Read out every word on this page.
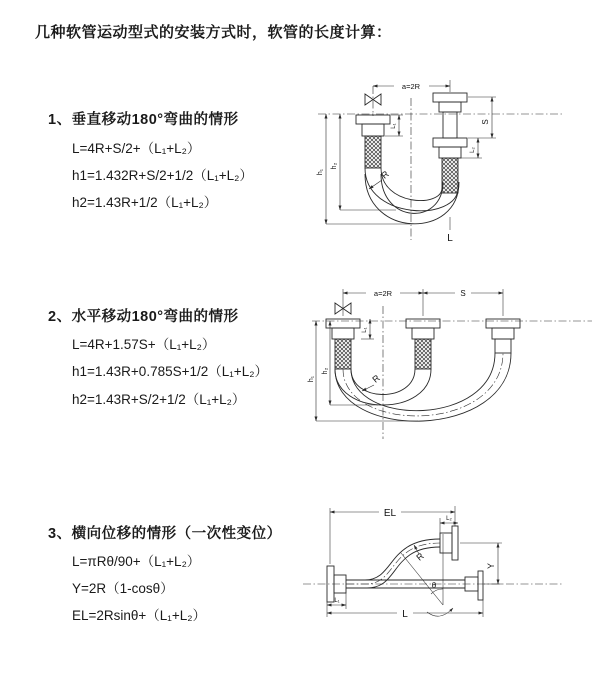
几种软管运动型式的安装方式时，软管的长度计算：
1、垂直移动180°弯曲的情形
L=4R+S/2+（L₁+L₂）
h1=1.432R+S/2+1/2（L₁+L₂）
h2=1.43R+1/2（L₁+L₂）
a=2R
S
L₂
L₁
h₁
h₂
R
L
2、水平移动180°弯曲的情形
L=4R+1.57S+（L₁+L₂）
h1=1.43R+0.785S+1/2（L₁+L₂）
h2=1.43R+S/2+1/2（L₁+L₂）
a=2R	S
L₁
h₁
h₂
R
3、横向位移的情形（一次性变位）
L=πRθ/90+（L₁+L₂）
Y=2R（1-cosθ）
EL=2Rsinθ+（L₁+L₂）
EL	L₂
Y
R
θ
L₁
L
